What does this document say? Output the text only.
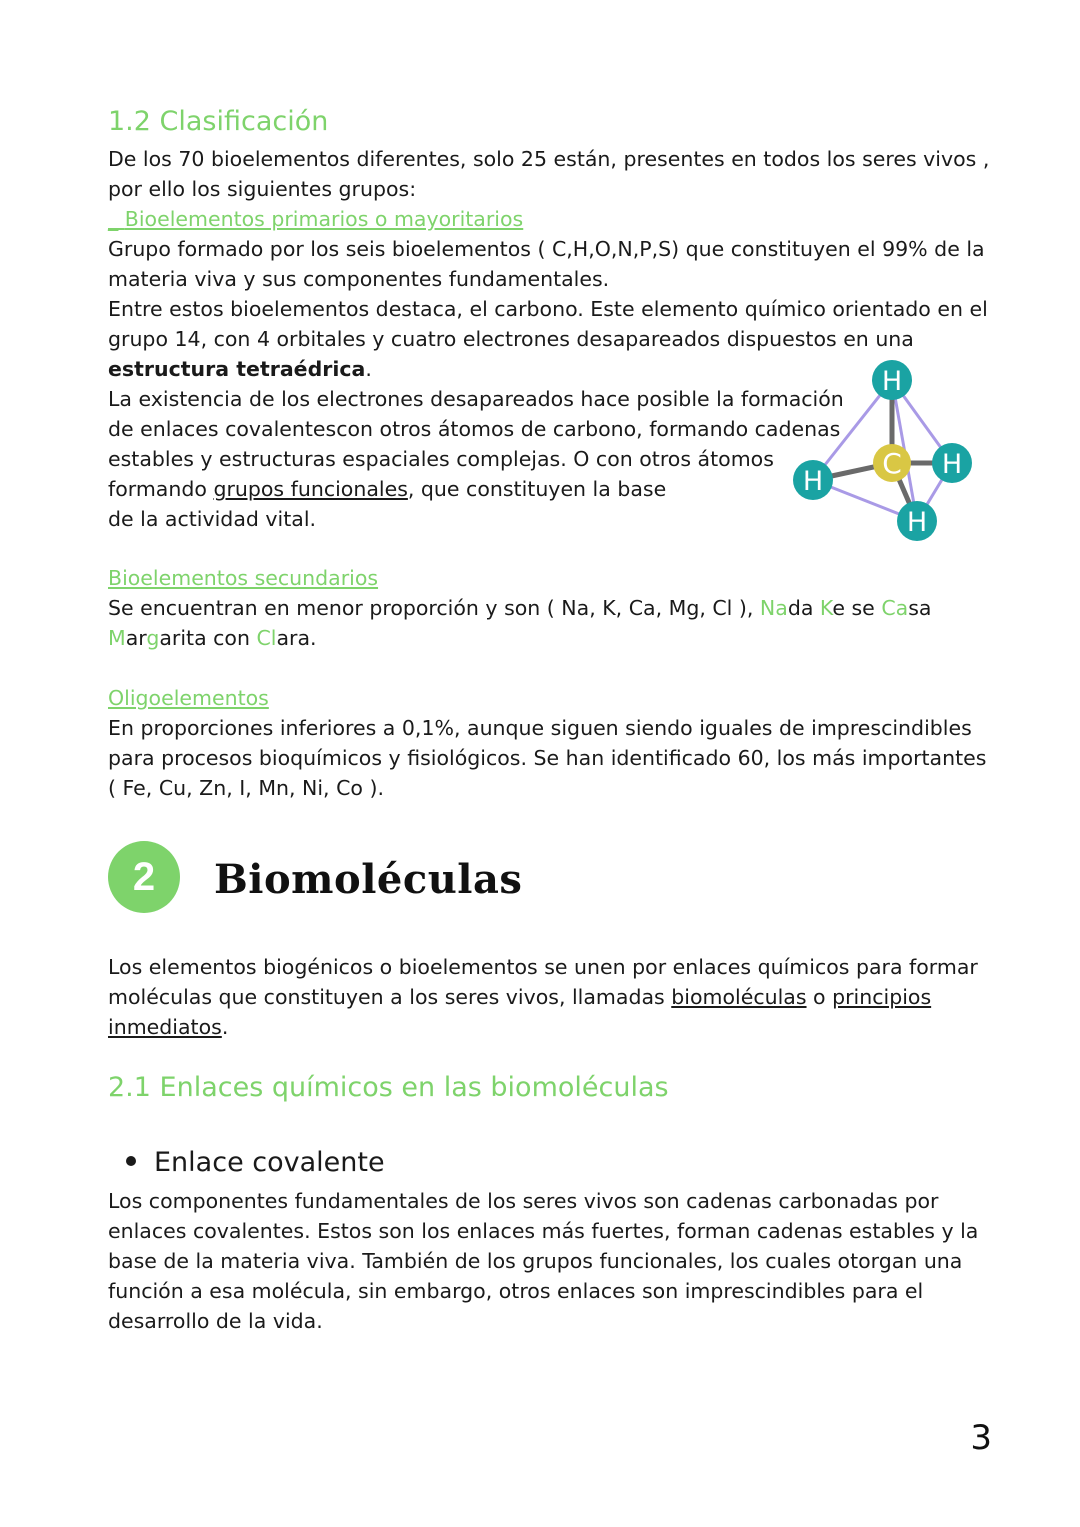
1.2 Clasificación
De los 70 bioelementos diferentes, solo 25 están, presentes en todos los seres vivos ,
por ello los siguientes grupos:
_ Bioelementos primarios o mayoritarios
Grupo formado por los seis bioelementos ( C,H,O,N,P,S) que constituyen el 99% de la
materia viva y sus componentes fundamentales.
Entre estos bioelementos destaca, el carbono. Este elemento químico orientado en el
grupo 14, con 4 orbitales y cuatro electrones desapareados dispuestos en una
estructura tetraédrica.
La existencia de los electrones desapareados hace posible la formación
de enlaces covalentescon otros átomos de carbono, formando cadenas
estables y estructuras espaciales complejas. O con otros átomos
formando grupos funcionales, que constituyen la base
de la actividad vital.
C
H
H
H
H
Bioelementos secundarios
Se encuentran en menor proporción y son ( Na, K, Ca, Mg, Cl ), Nada Ke se Casa
Margarita con Clara.
Oligoelementos
En proporciones inferiores a 0,1%, aunque siguen siendo iguales de imprescindibles
para procesos bioquímicos y fisiológicos. Se han identificado 60, los más importantes
( Fe, Cu, Zn, I, Mn, Ni, Co ).
2	Biomoléculas
Los elementos biogénicos o bioelementos se unen por enlaces químicos para formar
moléculas que constituyen a los seres vivos, llamadas biomoléculas o principios
inmediatos.
2.1 Enlaces químicos en las biomoléculas

Enlace covalente

Los componentes fundamentales de los seres vivos son cadenas carbonadas por
enlaces covalentes. Estos son los enlaces más fuertes, forman cadenas estables y la
base de la materia viva. También de los grupos funcionales, los cuales otorgan una
función a esa molécula, sin embargo, otros enlaces son imprescindibles para el
desarrollo de la vida.

3
